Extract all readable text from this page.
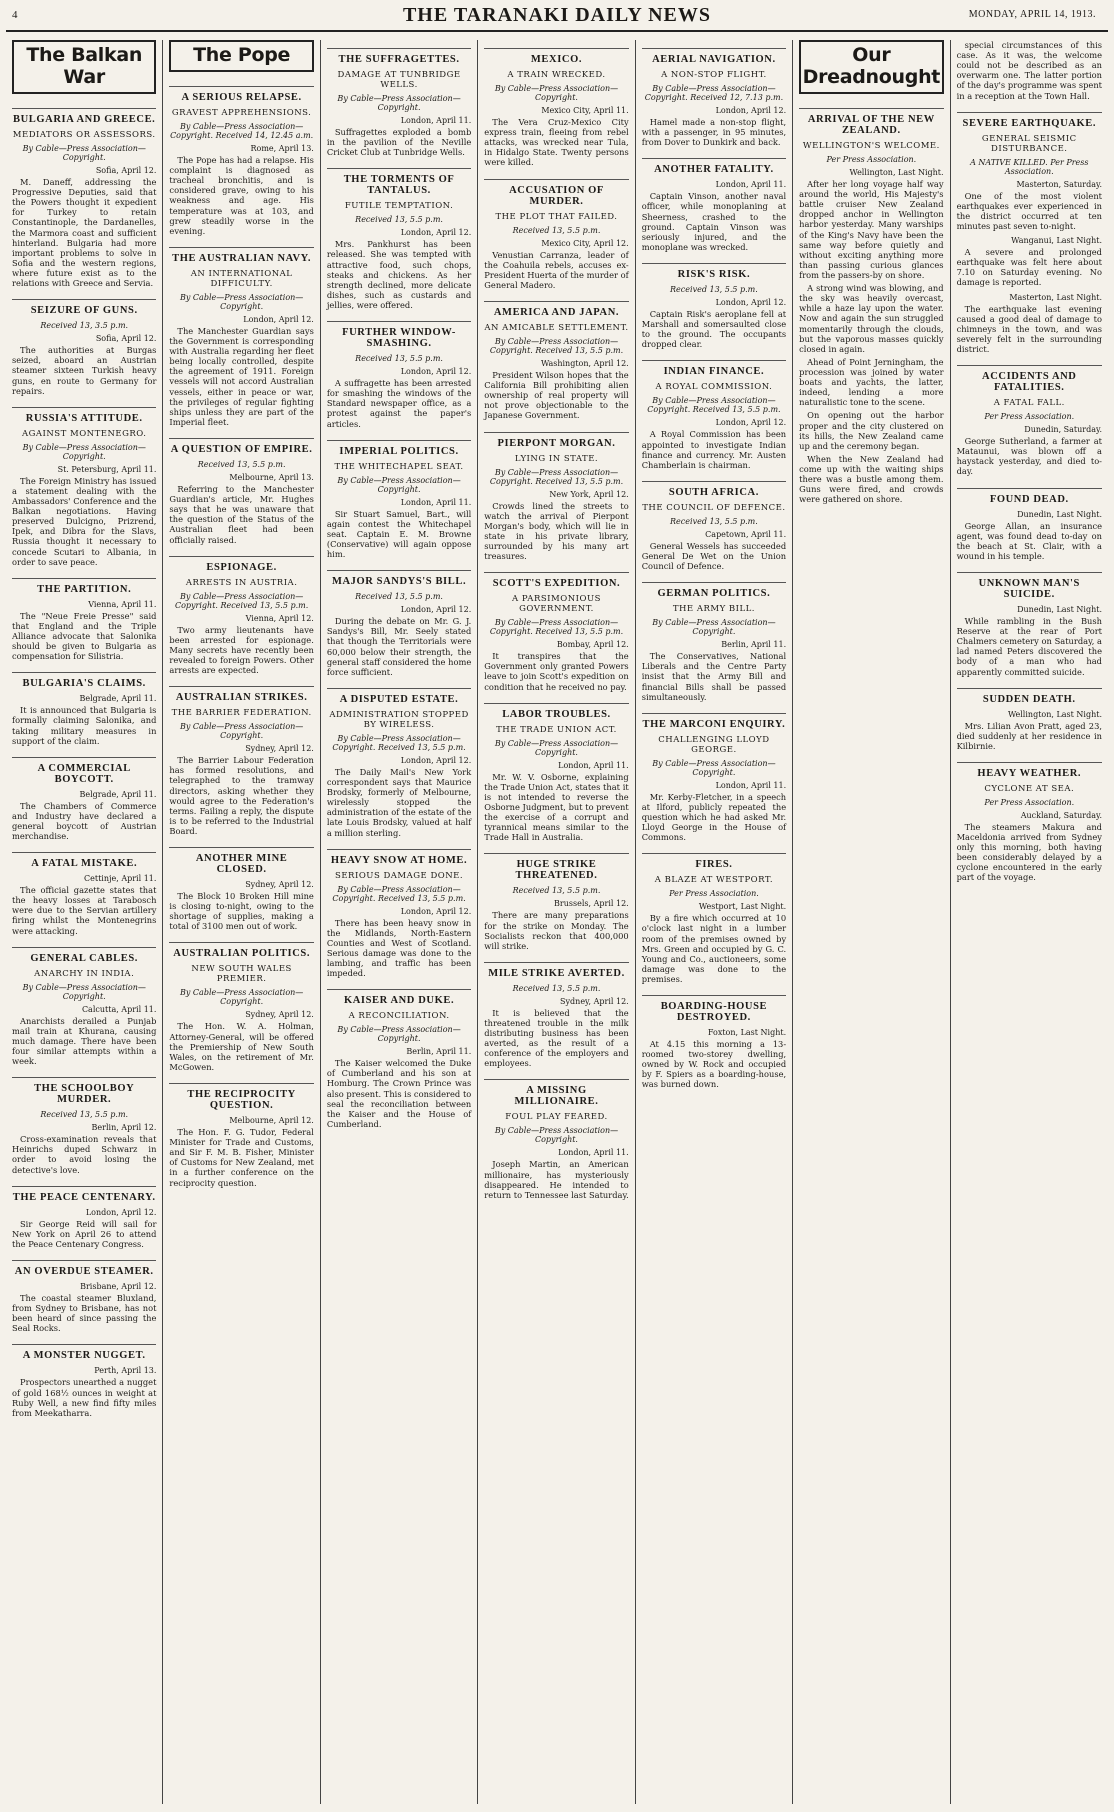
4	THE TARANAKI DAILY NEWS	MONDAY, APRIL 14, 1913.
The Balkan War
BULGARIA AND GREECE.
MEDIATORS OR ASSESSORS.
By Cable—Press Association—Copyright.
Sofia, April 12.

M. Daneff, addressing the Progressive Deputies, said that the Powers thought it expedient for Turkey to retain Constantinople, the Dardanelles, the Marmora coast and sufficient hinterland. Bulgaria had more important problems to solve in Sofia and the western regions, where future exist as to the relations with Greece and Servia.

SEIZURE OF GUNS.
Received 13, 3.5 p.m.
Sofia, April 12.

The authorities at Burgas seized, aboard an Austrian steamer sixteen Turkish heavy guns, en route to Germany for repairs.

RUSSIA'S ATTITUDE.
AGAINST MONTENEGRO.
By Cable—Press Association—Copyright.
St. Petersburg, April 11.

The Foreign Ministry has issued a statement dealing with the Ambassadors' Conference and the Balkan negotiations. Having preserved Dulcigno, Prizrend, Ipek, and Dibra for the Slavs, Russia thought it necessary to concede Scutari to Albania, in order to save peace.

THE PARTITION.
Vienna, April 11.

The "Neue Freie Presse" said that England and the Triple Alliance advocate that Salonika should be given to Bulgaria as compensation for Silistria.

BULGARIA'S CLAIMS.
Belgrade, April 11.

It is announced that Bulgaria is formally claiming Salonika, and taking military measures in support of the claim.

A COMMERCIAL BOYCOTT.
Belgrade, April 11.

The Chambers of Commerce and Industry have declared a general boycott of Austrian merchandise.

A FATAL MISTAKE.
Cettinje, April 11.

The official gazette states that the heavy losses at Tarabosch were due to the Servian artillery firing whilst the Montenegrins were attacking.

GENERAL CABLES.
ANARCHY IN INDIA.
By Cable—Press Association—Copyright.
Calcutta, April 11.

Anarchists derailed a Punjab mail train at Khurana, causing much damage. There have been four similar attempts within a week.

THE SCHOOLBOY MURDER.
Received 13, 5.5 p.m.
Berlin, April 12.

Cross-examination reveals that Heinrichs duped Schwarz in order to avoid losing the detective's love.

THE PEACE CENTENARY.
London, April 12.

Sir George Reid will sail for New York on April 26 to attend the Peace Centenary Congress.

AN OVERDUE STEAMER.
Brisbane, April 12.

The coastal steamer Bluxland, from Sydney to Brisbane, has not been heard of since passing the Seal Rocks.

A MONSTER NUGGET.
Perth, April 13.

Prospectors unearthed a nugget of gold 168½ ounces in weight at Ruby Well, a new find fifty miles from Meekatharra.

The Pope
A SERIOUS RELAPSE.
GRAVEST APPREHENSIONS.
By Cable—Press Association—Copyright. Received 14, 12.45 a.m.
Rome, April 13.

The Pope has had a relapse. His complaint is diagnosed as tracheal bronchitis, and is considered grave, owing to his weakness and age. His temperature was at 103, and grew steadily worse in the evening.

THE AUSTRALIAN NAVY.
AN INTERNATIONAL DIFFICULTY.
By Cable—Press Association—Copyright.
London, April 12.

The Manchester Guardian says the Government is corresponding with Australia regarding her fleet being locally controlled, despite the agreement of 1911. Foreign vessels will not accord Australian vessels, either in peace or war, the privileges of regular fighting ships unless they are part of the Imperial fleet.

A QUESTION OF EMPIRE.
Received 13, 5.5 p.m.
Melbourne, April 13.

Referring to the Manchester Guardian's article, Mr. Hughes says that he was unaware that the question of the Status of the Australian fleet had been officially raised.

ESPIONAGE.
ARRESTS IN AUSTRIA.
By Cable—Press Association—Copyright. Received 13, 5.5 p.m.
Vienna, April 12.

Two army lieutenants have been arrested for espionage. Many secrets have recently been revealed to foreign Powers. Other arrests are expected.

AUSTRALIAN STRIKES.
THE BARRIER FEDERATION.
By Cable—Press Association—Copyright.
Sydney, April 12.

The Barrier Labour Federation has formed resolutions, and telegraphed to the tramway directors, asking whether they would agree to the Federation's terms. Failing a reply, the dispute is to be referred to the Industrial Board.

ANOTHER MINE CLOSED.
Sydney, April 12.

The Block 10 Broken Hill mine is closing to-night, owing to the shortage of supplies, making a total of 3100 men out of work.

AUSTRALIAN POLITICS.
NEW SOUTH WALES PREMIER.
By Cable—Press Association—Copyright.
Sydney, April 12.

The Hon. W. A. Holman, Attorney-General, will be offered the Premiership of New South Wales, on the retirement of Mr. McGowen.

THE RECIPROCITY QUESTION.
Melbourne, April 12.

The Hon. F. G. Tudor, Federal Minister for Trade and Customs, and Sir F. M. B. Fisher, Minister of Customs for New Zealand, met in a further conference on the reciprocity question.

THE SUFFRAGETTES.
DAMAGE AT TUNBRIDGE WELLS.
By Cable—Press Association—Copyright.
London, April 11.

Suffragettes exploded a bomb in the pavilion of the Neville Cricket Club at Tunbridge Wells.

THE TORMENTS OF TANTALUS.
FUTILE TEMPTATION.
Received 13, 5.5 p.m.
London, April 12.

Mrs. Pankhurst has been released. She was tempted with attractive food, such chops, steaks and chickens. As her strength declined, more delicate dishes, such as custards and jellies, were offered.

FURTHER WINDOW-SMASHING.
Received 13, 5.5 p.m.
London, April 12.

A suffragette has been arrested for smashing the windows of the Standard newspaper office, as a protest against the paper's articles.

IMPERIAL POLITICS.
THE WHITECHAPEL SEAT.
By Cable—Press Association—Copyright.
London, April 11.

Sir Stuart Samuel, Bart., will again contest the Whitechapel seat. Captain E. M. Browne (Conservative) will again oppose him.

MAJOR SANDYS'S BILL.
Received 13, 5.5 p.m.
London, April 12.

During the debate on Mr. G. J. Sandys's Bill, Mr. Seely stated that though the Territorials were 60,000 below their strength, the general staff considered the home force sufficient.

A DISPUTED ESTATE.
ADMINISTRATION STOPPED BY WIRELESS.
By Cable—Press Association—Copyright. Received 13, 5.5 p.m.
London, April 12.

The Daily Mail's New York correspondent says that Maurice Brodsky, formerly of Melbourne, wirelessly stopped the administration of the estate of the late Louis Brodsky, valued at half a million sterling.

HEAVY SNOW AT HOME.
SERIOUS DAMAGE DONE.
By Cable—Press Association—Copyright. Received 13, 5.5 p.m.
London, April 12.

There has been heavy snow in the Midlands, North-Eastern Counties and West of Scotland. Serious damage was done to the lambing, and traffic has been impeded.

KAISER AND DUKE.
A RECONCILIATION.
By Cable—Press Association—Copyright.
Berlin, April 11.

The Kaiser welcomed the Duke of Cumberland and his son at Homburg. The Crown Prince was also present. This is considered to seal the reconciliation between the Kaiser and the House of Cumberland.

MEXICO.
A TRAIN WRECKED.
By Cable—Press Association—Copyright.
Mexico City, April 11.

The Vera Cruz-Mexico City express train, fleeing from rebel attacks, was wrecked near Tula, in Hidalgo State. Twenty persons were killed.

ACCUSATION OF MURDER.
THE PLOT THAT FAILED.
Received 13, 5.5 p.m.
Mexico City, April 12.

Venustian Carranza, leader of the Coahuila rebels, accuses ex-President Huerta of the murder of General Madero.

AMERICA AND JAPAN.
AN AMICABLE SETTLEMENT.
By Cable—Press Association—Copyright. Received 13, 5.5 p.m.
Washington, April 12.

President Wilson hopes that the California Bill prohibiting alien ownership of real property will not prove objectionable to the Japanese Government.

PIERPONT MORGAN.
LYING IN STATE.
By Cable—Press Association—Copyright. Received 13, 5.5 p.m.
New York, April 12.

Crowds lined the streets to watch the arrival of Pierpont Morgan's body, which will lie in state in his private library, surrounded by his many art treasures.

SCOTT'S EXPEDITION.
A PARSIMONIOUS GOVERNMENT.
By Cable—Press Association—Copyright. Received 13, 5.5 p.m.
Bombay, April 12.

It transpires that the Government only granted Powers leave to join Scott's expedition on condition that he received no pay.

LABOR TROUBLES.
THE TRADE UNION ACT.
By Cable—Press Association—Copyright.
London, April 11.

Mr. W. V. Osborne, explaining the Trade Union Act, states that it is not intended to reverse the Osborne Judgment, but to prevent the exercise of a corrupt and tyrannical means similar to the Trade Hall in Australia.

HUGE STRIKE THREATENED.
Received 13, 5.5 p.m.
Brussels, April 12.

There are many preparations for the strike on Monday. The Socialists reckon that 400,000 will strike.

MILE STRIKE AVERTED.
Received 13, 5.5 p.m.
Sydney, April 12.

It is believed that the threatened trouble in the milk distributing business has been averted, as the result of a conference of the employers and employees.

A MISSING MILLIONAIRE.
FOUL PLAY FEARED.
By Cable—Press Association—Copyright.
London, April 11.

Joseph Martin, an American millionaire, has mysteriously disappeared. He intended to return to Tennessee last Saturday.

AERIAL NAVIGATION.
A NON-STOP FLIGHT.
By Cable—Press Association—Copyright. Received 12, 7.13 p.m.
London, April 12.

Hamel made a non-stop flight, with a passenger, in 95 minutes, from Dover to Dunkirk and back.

ANOTHER FATALITY.
London, April 11.

Captain Vinson, another naval officer, while monoplaning at Sheerness, crashed to the ground. Captain Vinson was seriously injured, and the monoplane was wrecked.

RISK'S RISK.
Received 13, 5.5 p.m.
London, April 12.

Captain Risk's aeroplane fell at Marshall and somersaulted close to the ground. The occupants dropped clear.

INDIAN FINANCE.
A ROYAL COMMISSION.
By Cable—Press Association—Copyright. Received 13, 5.5 p.m.
London, April 12.

A Royal Commission has been appointed to investigate Indian finance and currency. Mr. Austen Chamberlain is chairman.

SOUTH AFRICA.
THE COUNCIL OF DEFENCE.
Received 13, 5.5 p.m.
Capetown, April 11.

General Wessels has succeeded General De Wet on the Union Council of Defence.

GERMAN POLITICS.
THE ARMY BILL.
By Cable—Press Association—Copyright.
Berlin, April 11.

The Conservatives, National Liberals and the Centre Party insist that the Army Bill and financial Bills shall be passed simultaneously.

THE MARCONI ENQUIRY.
CHALLENGING LLOYD GEORGE.
By Cable—Press Association—Copyright.
London, April 11.

Mr. Kerby-Fletcher, in a speech at Ilford, publicly repeated the question which he had asked Mr. Lloyd George in the House of Commons.

FIRES.
A BLAZE AT WESTPORT.
Per Press Association.
Westport, Last Night.

By a fire which occurred at 10 o'clock last night in a lumber room of the premises owned by Mrs. Green and occupied by G. C. Young and Co., auctioneers, some damage was done to the premises.

BOARDING-HOUSE DESTROYED.
Foxton, Last Night.

At 4.15 this morning a 13-roomed two-storey dwelling, owned by W. Rock and occupied by F. Spiers as a boarding-house, was burned down.

Our Dreadnought
ARRIVAL OF THE NEW ZEALAND.
WELLINGTON'S WELCOME.
Per Press Association.
Wellington, Last Night.

After her long voyage half way around the world, His Majesty's battle cruiser New Zealand dropped anchor in Wellington harbor yesterday. Many warships of the King's Navy have been the same way before quietly and without exciting anything more than passing curious glances from the passers-by on shore.

A strong wind was blowing, and the sky was heavily overcast, while a haze lay upon the water. Now and again the sun struggled momentarily through the clouds, but the vaporous masses quickly closed in again.

Ahead of Point Jerningham, the procession was joined by water boats and yachts, the latter, indeed, lending a more naturalistic tone to the scene.

On opening out the harbor proper and the city clustered on its hills, the New Zealand came up and the ceremony began.

When the New Zealand had come up with the waiting ships there was a bustle among them. Guns were fired, and crowds were gathered on shore.

special circumstances of this case. As it was, the welcome could not be described as an overwarm one. The latter portion of the day's programme was spent in a reception at the Town Hall.

SEVERE EARTHQUAKE.
GENERAL SEISMIC DISTURBANCE.
A NATIVE KILLED. Per Press Association.
Masterton, Saturday.

One of the most violent earthquakes ever experienced in the district occurred at ten minutes past seven to-night.

Wanganui, Last Night.

A severe and prolonged earthquake was felt here about 7.10 on Saturday evening. No damage is reported.

Masterton, Last Night.

The earthquake last evening caused a good deal of damage to chimneys in the town, and was severely felt in the surrounding district.

ACCIDENTS AND FATALITIES.
A FATAL FALL.
Per Press Association.
Dunedin, Saturday.

George Sutherland, a farmer at Mataunui, was blown off a haystack yesterday, and died to-day.

FOUND DEAD.
Dunedin, Last Night.

George Allan, an insurance agent, was found dead to-day on the beach at St. Clair, with a wound in his temple.

UNKNOWN MAN'S SUICIDE.
Dunedin, Last Night.

While rambling in the Bush Reserve at the rear of Port Chalmers cemetery on Saturday, a lad named Peters discovered the body of a man who had apparently committed suicide.

SUDDEN DEATH.
Wellington, Last Night.

Mrs. Lilian Avon Pratt, aged 23, died suddenly at her residence in Kilbirnie.

HEAVY WEATHER.
CYCLONE AT SEA.
Per Press Association.
Auckland, Saturday.

The steamers Makura and Maceldonia arrived from Sydney only this morning, both having been considerably delayed by a cyclone encountered in the early part of the voyage.
